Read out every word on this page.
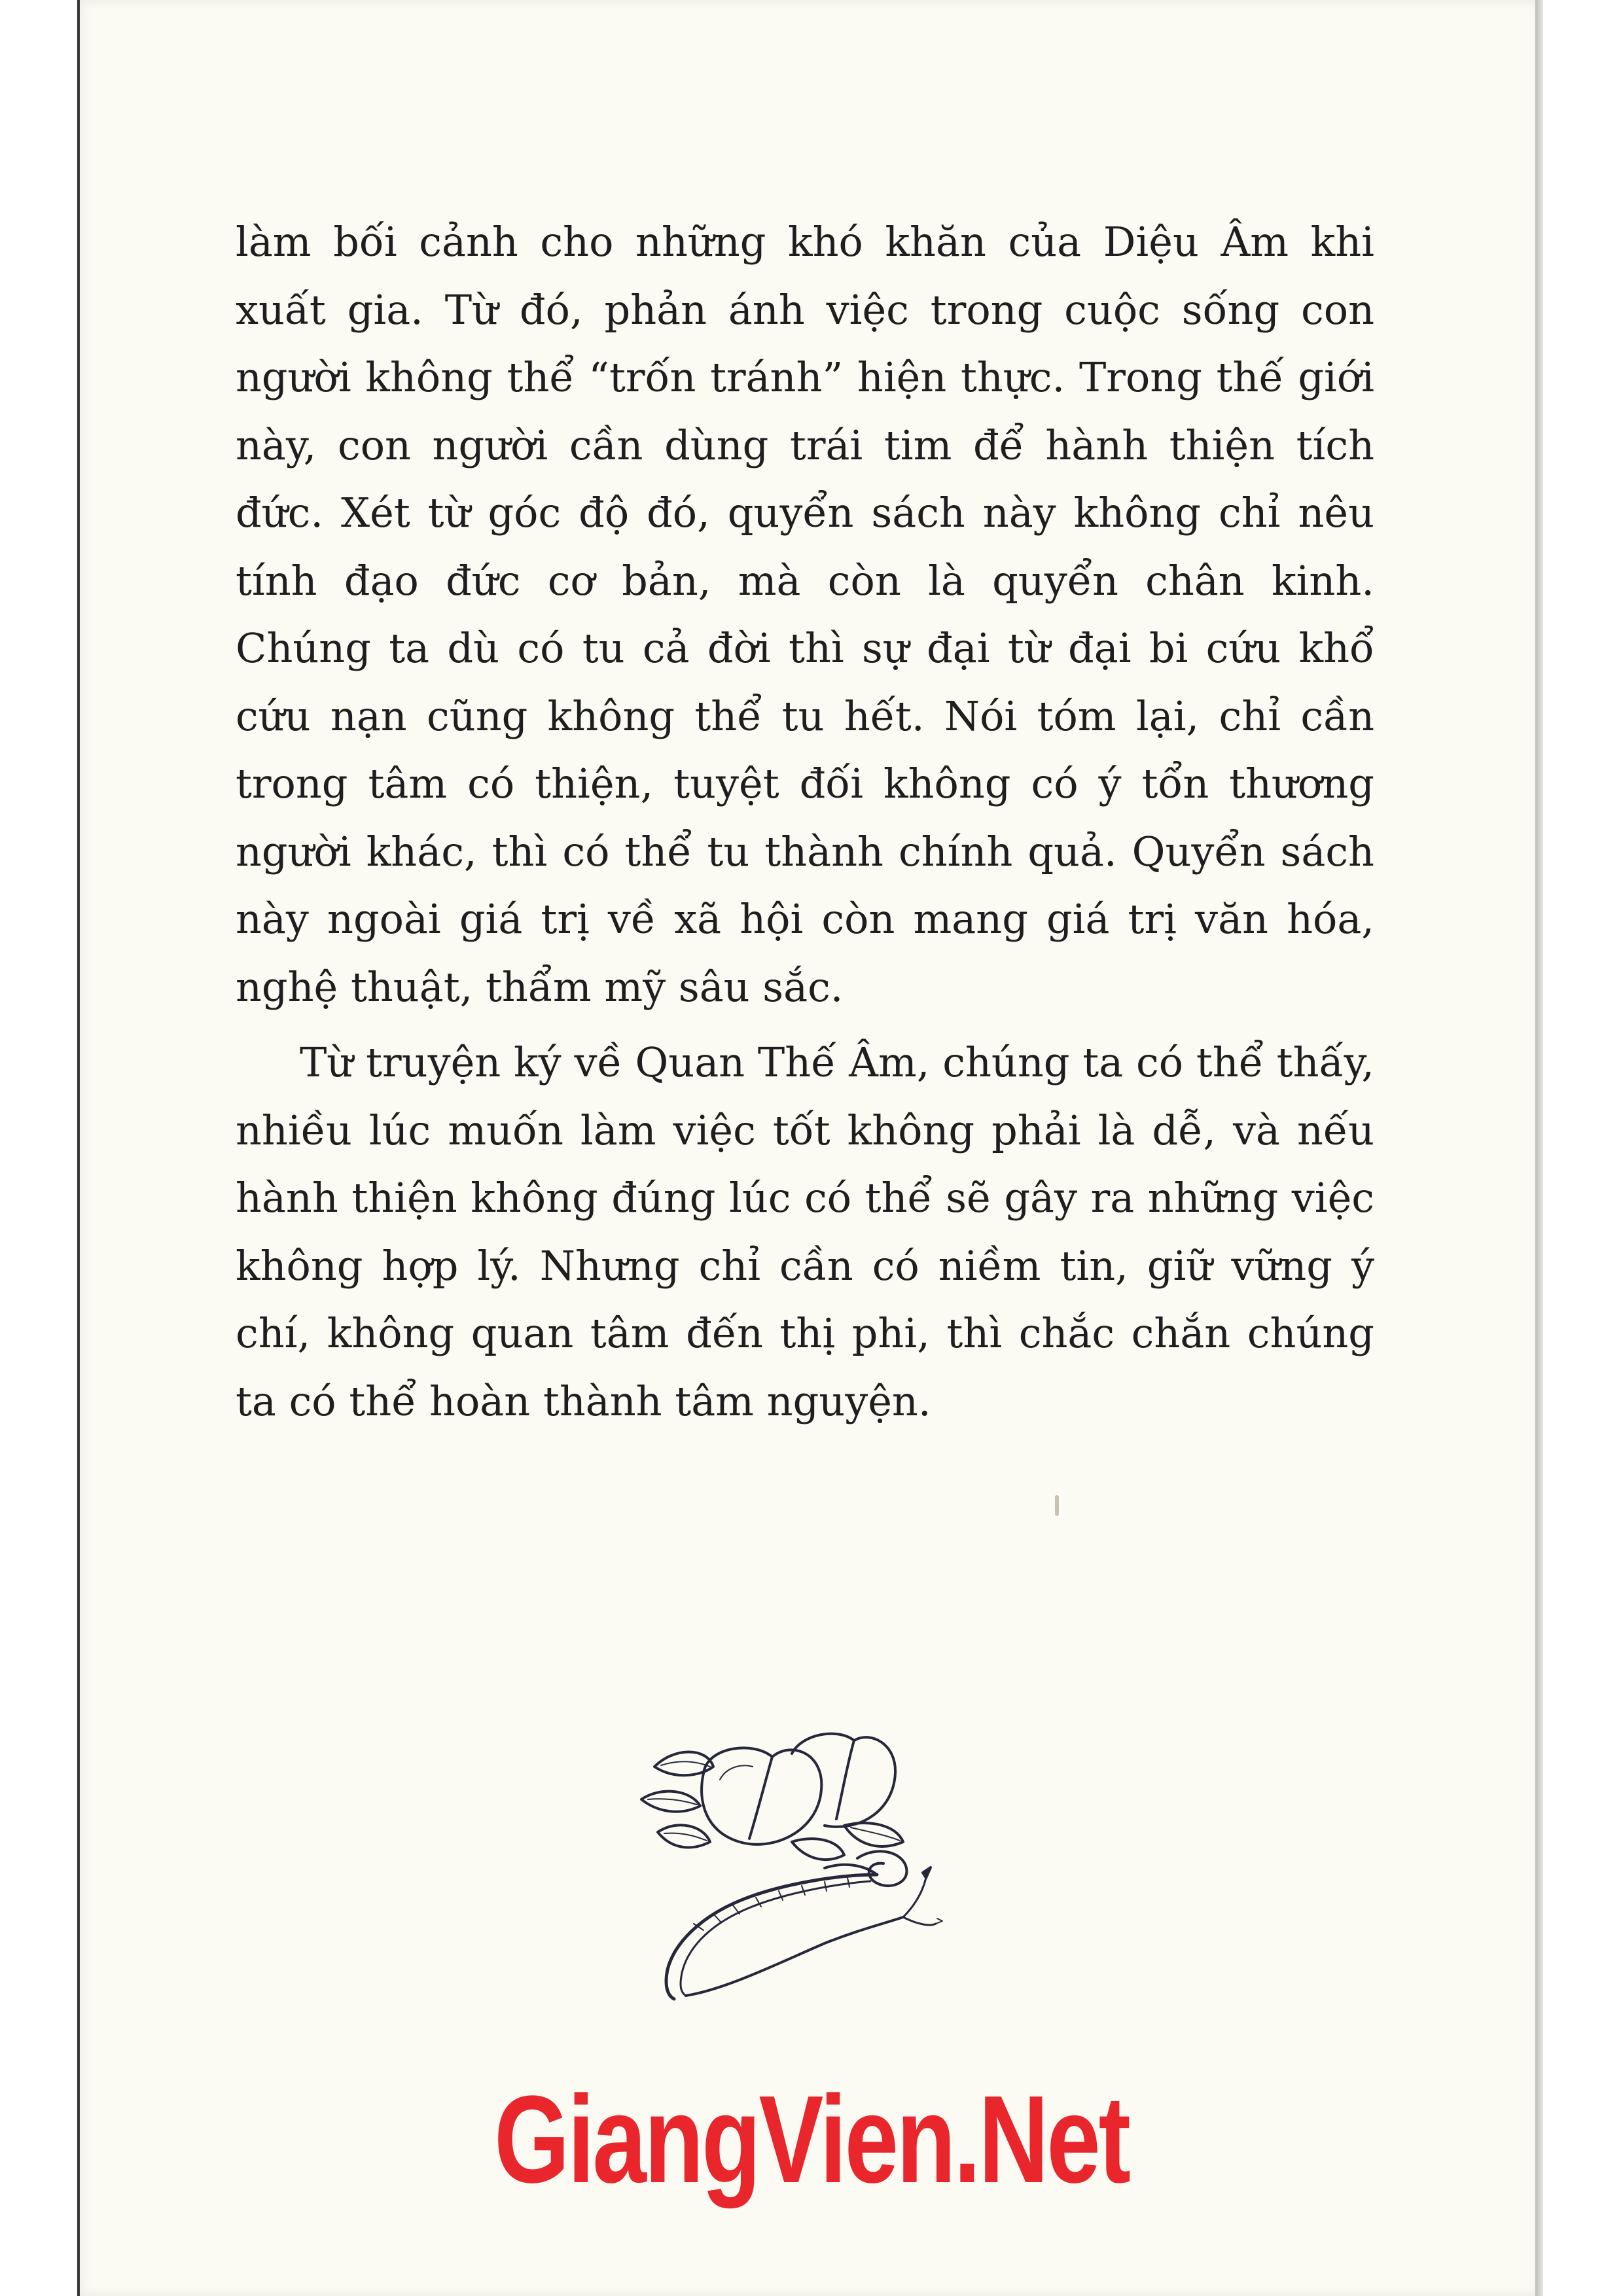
làm bối cảnh cho những khó khăn của Diệu Âm khi xuất gia. Từ đó, phản ánh việc trong cuộc sống con người không thể “trốn tránh” hiện thực. Trong thế giới này, con người cần dùng trái tim để hành thiện tích đức. Xét từ góc độ đó, quyển sách này không chỉ nêu tính đạo đức cơ bản, mà còn là quyển chân kinh. Chúng ta dù có tu cả đời thì sự đại từ đại bi cứu khổ cứu nạn cũng không thể tu hết. Nói tóm lại, chỉ cần trong tâm có thiện, tuyệt đối không có ý tổn thương người khác, thì có thể tu thành chính quả. Quyển sách này ngoài giá trị về xã hội còn mang giá trị văn hóa, nghệ thuật, thẩm mỹ sâu sắc.

Từ truyện ký về Quan Thế Âm, chúng ta có thể thấy, nhiều lúc muốn làm việc tốt không phải là dễ, và nếu hành thiện không đúng lúc có thể sẽ gây ra những việc không hợp lý. Nhưng chỉ cần có niềm tin, giữ vững ý chí, không quan tâm đến thị phi, thì chắc chắn chúng ta có thể hoàn thành tâm nguyện.

GiangVien.Net
